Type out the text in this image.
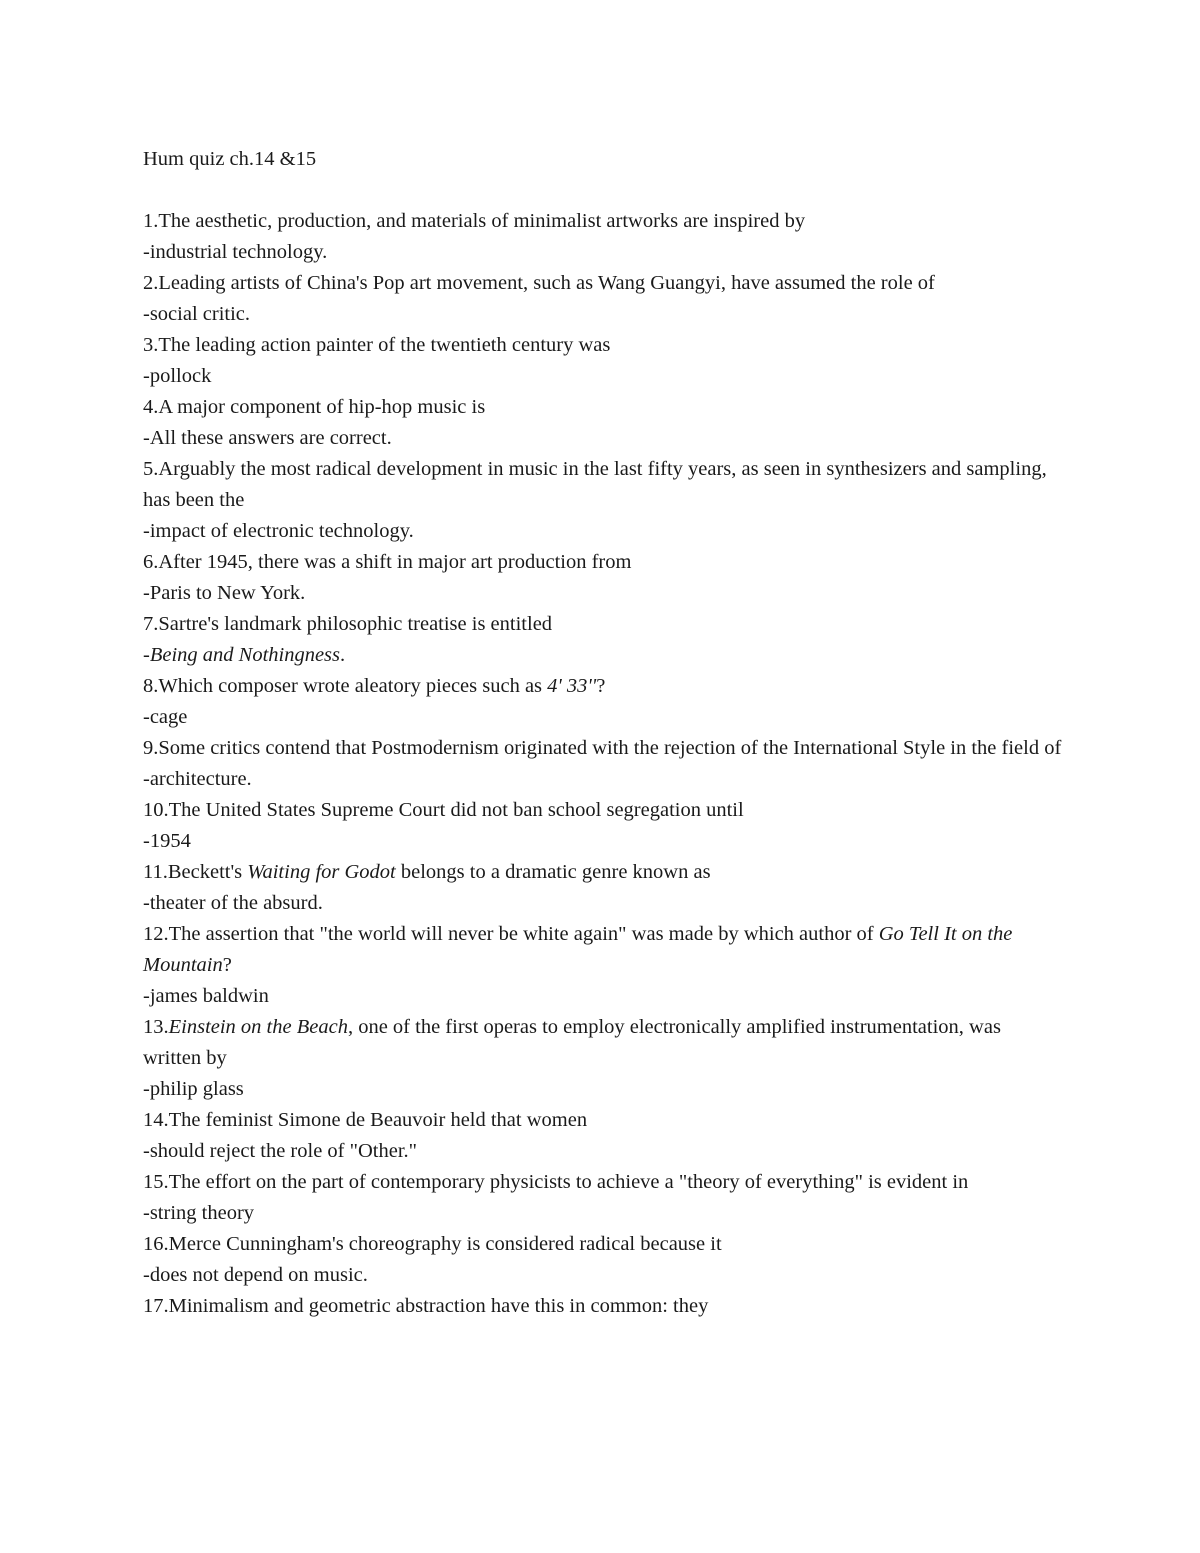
Hum quiz ch.14 &15
1.The aesthetic, production, and materials of minimalist artworks are inspired by
-industrial technology.
2.Leading artists of China's Pop art movement, such as Wang Guangyi, have assumed the role of
-social critic.
3.The leading action painter of the twentieth century was
-pollock
4.A major component of hip-hop music is
-All these answers are correct.
5.Arguably the most radical development in music in the last fifty years, as seen in synthesizers and sampling, has been the
-impact of electronic technology.
6.After 1945, there was a shift in major art production from
-Paris to New York.
7.Sartre's landmark philosophic treatise is entitled
-Being and Nothingness.
8.Which composer wrote aleatory pieces such as 4' 33''?
-cage
9.Some critics contend that Postmodernism originated with the rejection of the International Style in the field of
-architecture.
10.The United States Supreme Court did not ban school segregation until
-1954
11.Beckett's Waiting for Godot belongs to a dramatic genre known as
-theater of the absurd.
12.The assertion that "the world will never be white again" was made by which author of Go Tell It on the Mountain?
-james baldwin
13.Einstein on the Beach, one of the first operas to employ electronically amplified instrumentation, was written by
-philip glass
14.The feminist Simone de Beauvoir held that women
-should reject the role of "Other."
15.The effort on the part of contemporary physicists to achieve a "theory of everything" is evident in
-string theory
16.Merce Cunningham's choreography is considered radical because it
-does not depend on music.
17.Minimalism and geometric abstraction have this in common: they
